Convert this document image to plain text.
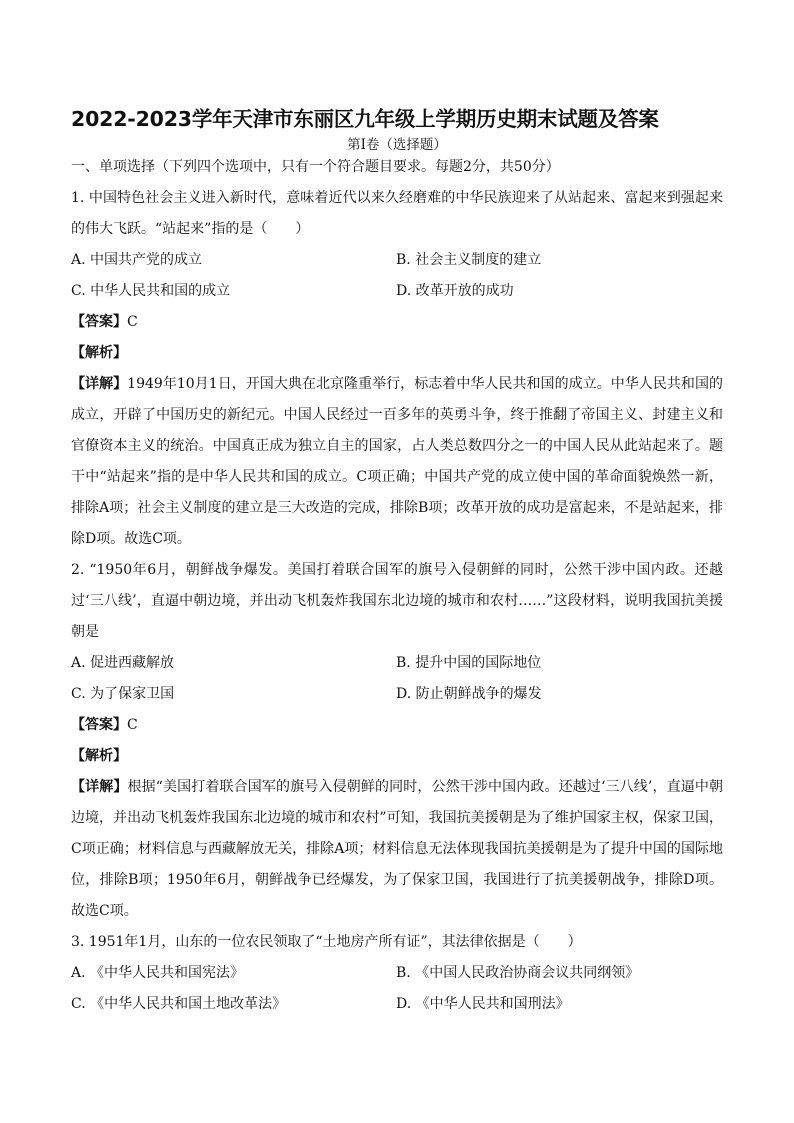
2022-2023学年天津市东丽区九年级上学期历史期末试题及答案

第I卷（选择题）

一、单项选择（下列四个选项中，只有一个符合题目要求。每题2分，共50分）

1. 中国特色社会主义进入新时代，意味着近代以来久经磨难的中华民族迎来了从站起来、富起来到强起来的伟大飞跃。“站起来”指的是（　　）

A. 中国共产党的成立	B. 社会主义制度的建立
C. 中华人民共和国的成立	D. 改革开放的成功

【答案】C

【解析】

【详解】1949年10月1日，开国大典在北京隆重举行，标志着中华人民共和国的成立。中华人民共和国的成立，开辟了中国历史的新纪元。中国人民经过一百多年的英勇斗争，终于推翻了帝国主义、封建主义和官僚资本主义的统治。中国真正成为独立自主的国家，占人类总数四分之一的中国人民从此站起来了。题干中“站起来”指的是中华人民共和国的成立。C项正确；中国共产党的成立使中国的革命面貌焕然一新，排除A项；社会主义制度的建立是三大改造的完成，排除B项；改革开放的成功是富起来，不是站起来，排除D项。故选C项。

2. “1950年6月，朝鲜战争爆发。美国打着联合国军的旗号入侵朝鲜的同时，公然干涉中国内政。还越过‘三八线’，直逼中朝边境，并出动飞机轰炸我国东北边境的城市和农村……”这段材料，说明我国抗美援朝是

A. 促进西藏解放	B. 提升中国的国际地位
C. 为了保家卫国	D. 防止朝鲜战争的爆发

【答案】C

【解析】

【详解】根据“美国打着联合国军的旗号入侵朝鲜的同时，公然干涉中国内政。还越过‘三八线’，直逼中朝边境，并出动飞机轰炸我国东北边境的城市和农村”可知，我国抗美援朝是为了维护国家主权，保家卫国，C项正确；材料信息与西藏解放无关，排除A项；材料信息无法体现我国抗美援朝是为了提升中国的国际地位，排除B项；1950年6月，朝鲜战争已经爆发，为了保家卫国，我国进行了抗美援朝战争，排除D项。故选C项。

3. 1951年1月，山东的一位农民领取了“土地房产所有证”，其法律依据是（　　）

A. 《中华人民共和国宪法》	B. 《中国人民政治协商会议共同纲领》
C. 《中华人民共和国土地改革法》	D. 《中华人民共和国刑法》
